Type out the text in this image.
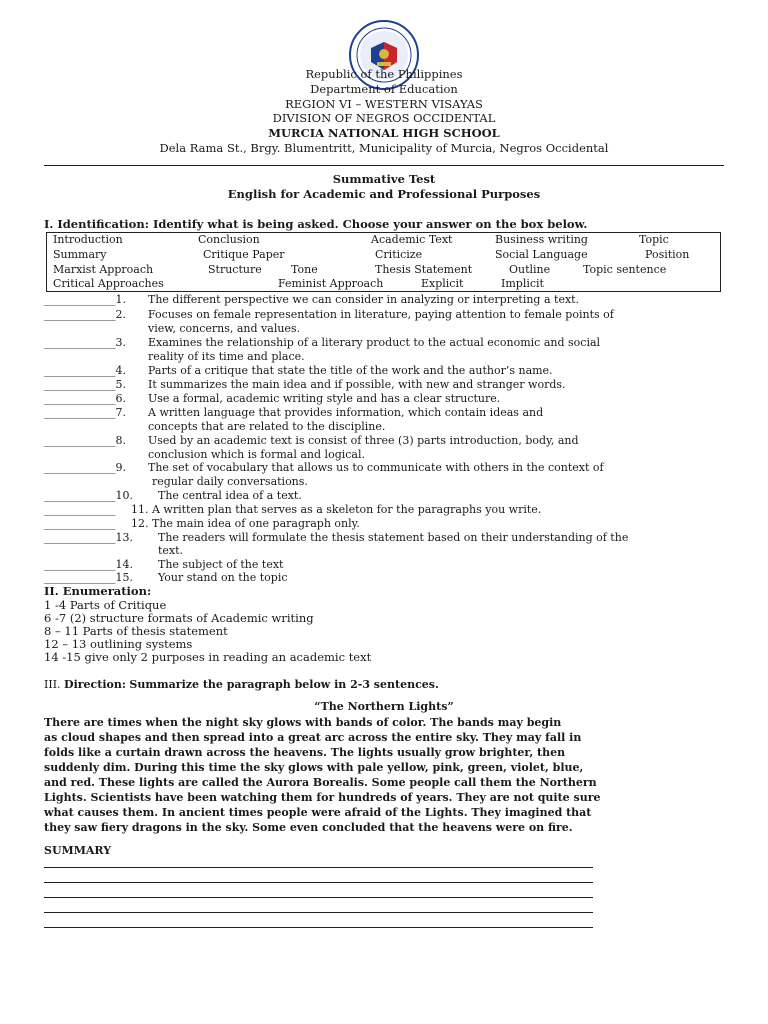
Republic of the Philippines
Department of Education
REGION VI – WESTERN VISAYAS
DIVISION OF NEGROS OCCIDENTAL
MURCIA NATIONAL HIGH SCHOOL
Dela Rama St., Brgy. Blumentritt, Municipality of Murcia, Negros Occidental
Summative Test
English for Academic and Professional Purposes
I. Identification: Identify what is being asked. Choose your answer on the box below.
Introduction	Conclusion	Academic Text	Business writing	Topic
Summary	Critique Paper	Criticize	Social Language	Position
Marxist Approach	Structure	Tone	Thesis Statement	Outline	Topic sentence
Critical Approaches	Feminist Approach	Explicit	Implicit
_____________1. The different perspective we can consider in analyzing or interpreting a text.
_____________2. Focuses on female representation in literature, paying attention to female points of
view, concerns, and values.
_____________3. Examines the relationship of a literary product to the actual economic and social
reality of its time and place.
_____________4. Parts of a critique that state the title of the work and the author’s name.
_____________5. It summarizes the main idea and if possible, with new and stranger words.
_____________6. Use a formal, academic writing style and has a clear structure.
_____________7. A written language that provides information, which contain ideas and
concepts that are related to the discipline.
_____________8. Used by an academic text is consist of three (3) parts introduction, body, and
conclusion which is formal and logical.
_____________9. The set of vocabulary that allows us to communicate with others in the context of
regular daily conversations.
_____________10. The central idea of a text.
_____________ 11. A written plan that serves as a skeleton for the paragraphs you write.
_____________ 12. The main idea of one paragraph only.
_____________13. The readers will formulate the thesis statement based on their understanding of the
text.
_____________14. The subject of the text
_____________15. Your stand on the topic
II. Enumeration:
1 -4 Parts of Critique
6 -7 (2) structure formats of Academic writing
8 – 11 Parts of thesis statement
12 – 13 outlining systems
14 -15 give only 2 purposes in reading an academic text
III. Direction: Summarize the paragraph below in 2-3 sentences.
“The Northern Lights”
There are times when the night sky glows with bands of color. The bands may begin
as cloud shapes and then spread into a great arc across the entire sky. They may fall in
folds like a curtain drawn across the heavens. The lights usually grow brighter, then
suddenly dim. During this time the sky glows with pale yellow, pink, green, violet, blue,
and red. These lights are called the Aurora Borealis. Some people call them the Northern
Lights. Scientists have been watching them for hundreds of years. They are not quite sure
what causes them. In ancient times people were afraid of the Lights. They imagined that
they saw fiery dragons in the sky. Some even concluded that the heavens were on fire.
SUMMARY
